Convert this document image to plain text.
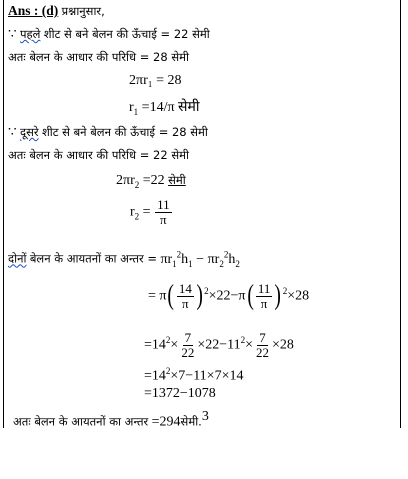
Ans : (d) प्रश्नानुसार,
∵ पहले शीट से बने बेलन की ऊँचाई = 22 सेमी
अतः बेलन के आधार की परिधि = 28 सेमी
2πr₁ = 28
$r_1 =14/\pi$ सेमी
∵ दूसरे शीट से बने बेलन की ऊँचाई = 28 सेमी
अतः बेलन के आधार की परिधि = 22 सेमी
$2\pi r_2 =22$ सेमी
$r_2 = \frac{11}{\pi}$
दोनों बेलन के आयतनों का अन्तर = $\pi r_1^2h_1 - \pi r_2^2h_2$
= $\pi( \frac{14}{\pi} )^2\times 22-\pi( \frac{11}{\pi} )^2\times 28$
$=14^2\times \frac{7}{22} \times 22-11^2\times \frac{7}{22} \times 28$
$=14^2\times 7-11\times 7\times 14$
=1372−1078
अतः बेलन के आयतनों का अन्तर =294सेमी.$^3$
